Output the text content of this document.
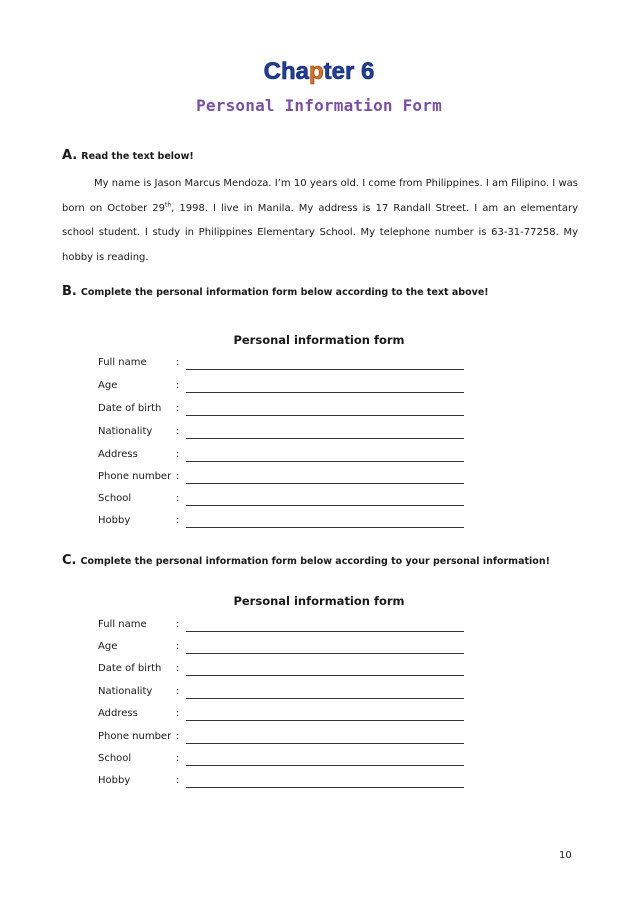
Chapter 6
Personal Information Form
A. Read the text below!
My name is Jason Marcus Mendoza. I’m 10 years old. I come from Philippines. I am Filipino. I was born on October 29th, 1998. I live in Manila. My address is 17 Randall Street. I am an elementary school student. I study in Philippines Elementary School. My telephone number is 63-31-77258. My hobby is reading.
B. Complete the personal information form below according to the text above!
Personal information form
Full name	:
Age	:
Date of birth :
Nationality :
Address	:
Phone number :
School	:
Hobby	:
C. Complete the personal information form below according to your personal information!
Personal information form
Full name	:
Age	:
Date of birth :
Nationality :
Address	:
Phone number :
School	:
Hobby	:
10
